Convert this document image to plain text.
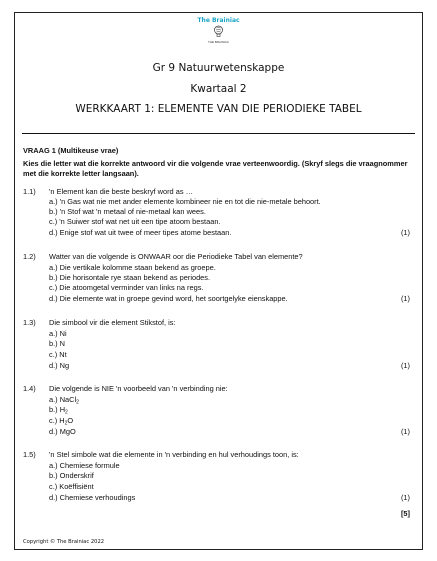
The Brainiac
THE BRAINIAC
Gr 9 Natuurwetenskappe
Kwartaal 2
WERKKAART 1: ELEMENTE VAN DIE PERIODIEKE TABEL
VRAAG 1 (Multikeuse vrae)
Kies die letter wat die korrekte antwoord vir die volgende vrae verteenwoordig. (Skryf slegs die vraagnommer met die korrekte letter langsaan).
1.1) 'n Element kan die beste beskryf word as …
a.) 'n Gas wat nie met ander elemente kombineer nie en tot die nie-metale behoort.
b.) 'n Stof wat 'n metaal of nie-metaal kan wees.
c.) 'n Suiwer stof wat net uit een tipe atoom bestaan.
d.) Enige stof wat uit twee of meer tipes atome bestaan.	(1)
1.2) Watter van die volgende is ONWAAR oor die Periodieke Tabel van elemente?
a.) Die vertikale kolomme staan bekend as groepe.
b.) Die horisontale rye staan bekend as periodes.
c.) Die atoomgetal verminder van links na regs.
d.) Die elemente wat in groepe gevind word, het soortgelyke eienskappe.	(1)
1.3) Die simbool vir die element Stikstof, is:
a.) Ni
b.) N
c.) Nt
d.) Ng	(1)
1.4) Die volgende is NIE 'n voorbeeld van 'n verbinding nie:
a.) NaCl$_2$
b.) $H_2$
c.) $H_2O$
d.) MgO	(1)
1.5) 'n Stel simbole wat die elemente in 'n verbinding en hul verhoudings toon, is:
a.) Chemiese formule
b.) Onderskrif
c.) Koëffisiënt
d.) Chemiese verhoudings	(1)
[5]
Copyright © The Brainiac 2022
